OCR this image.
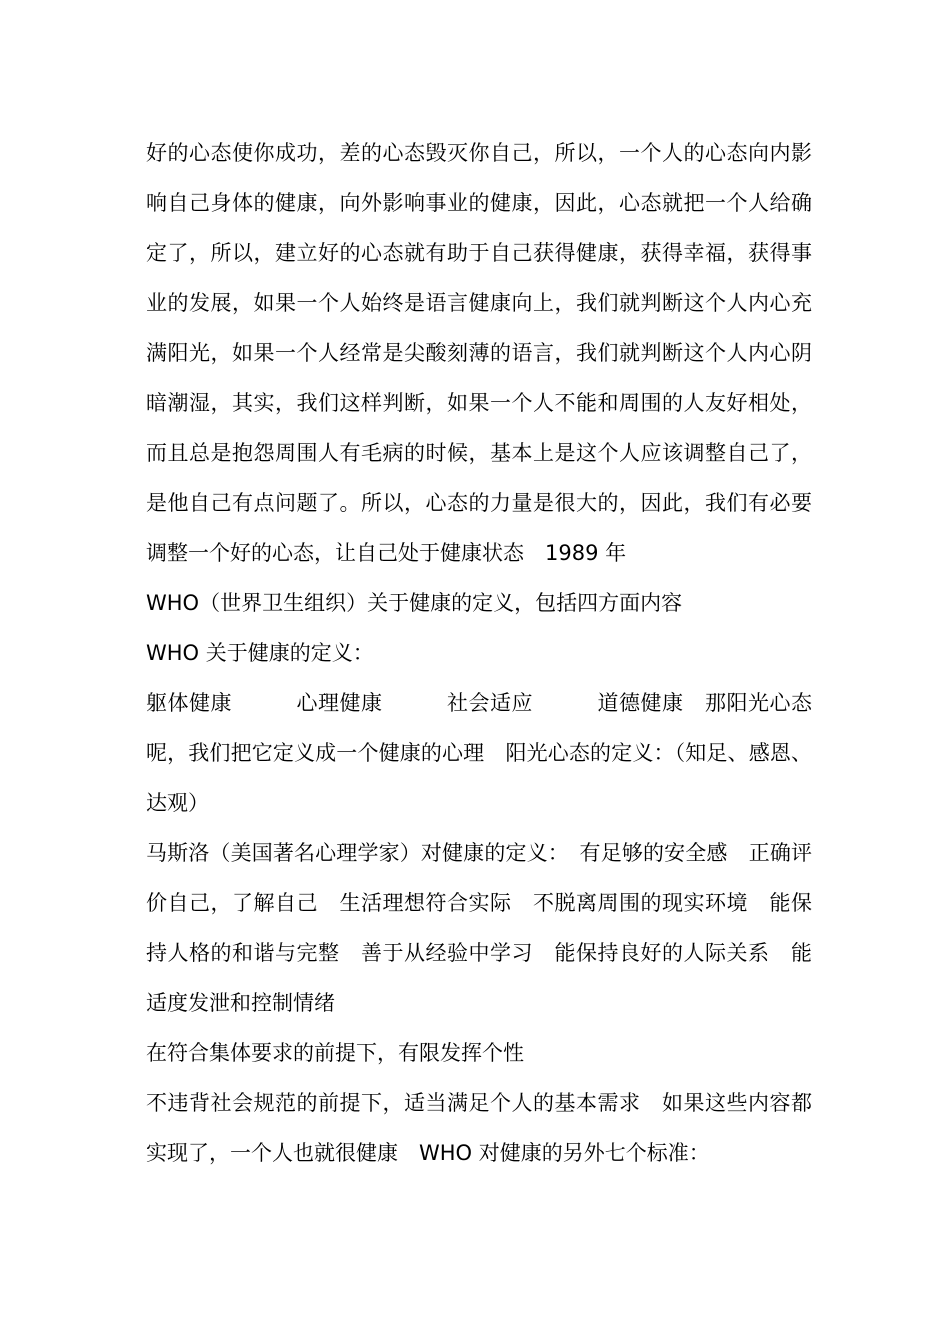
好的心态使你成功，差的心态毁灭你自己，所以，一个人的心态向内影响自己身体的健康，向外影响事业的健康，因此，心态就把一个人给确定了，所以，建立好的心态就有助于自己获得健康，获得幸福，获得事业的发展，如果一个人始终是语言健康向上，我们就判断这个人内心充满阳光，如果一个人经常是尖酸刻薄的语言，我们就判断这个人内心阴暗潮湿，其实，我们这样判断，如果一个人不能和周围的人友好相处，而且总是抱怨周围人有毛病的时候，基本上是这个人应该调整自己了，是他自己有点问题了。所以，心态的力量是很大的，因此，我们有必要调整一个好的心态，让自己处于健康状态　1989 年

WHO（世界卫生组织）关于健康的定义，包括四方面内容

WHO 关于健康的定义：

躯体健康　　　心理健康　　　社会适应　　　道德健康　那阳光心态呢，我们把它定义成一个健康的心理　阳光心态的定义：（知足、感恩、达观）

马斯洛（美国著名心理学家）对健康的定义：　有足够的安全感　正确评价自己，了解自己　生活理想符合实际　不脱离周围的现实环境　能保持人格的和谐与完整　善于从经验中学习　能保持良好的人际关系　能适度发泄和控制情绪

在符合集体要求的前提下，有限发挥个性

不违背社会规范的前提下，适当满足个人的基本需求　如果这些内容都实现了，一个人也就很健康　WHO 对健康的另外七个标准：
